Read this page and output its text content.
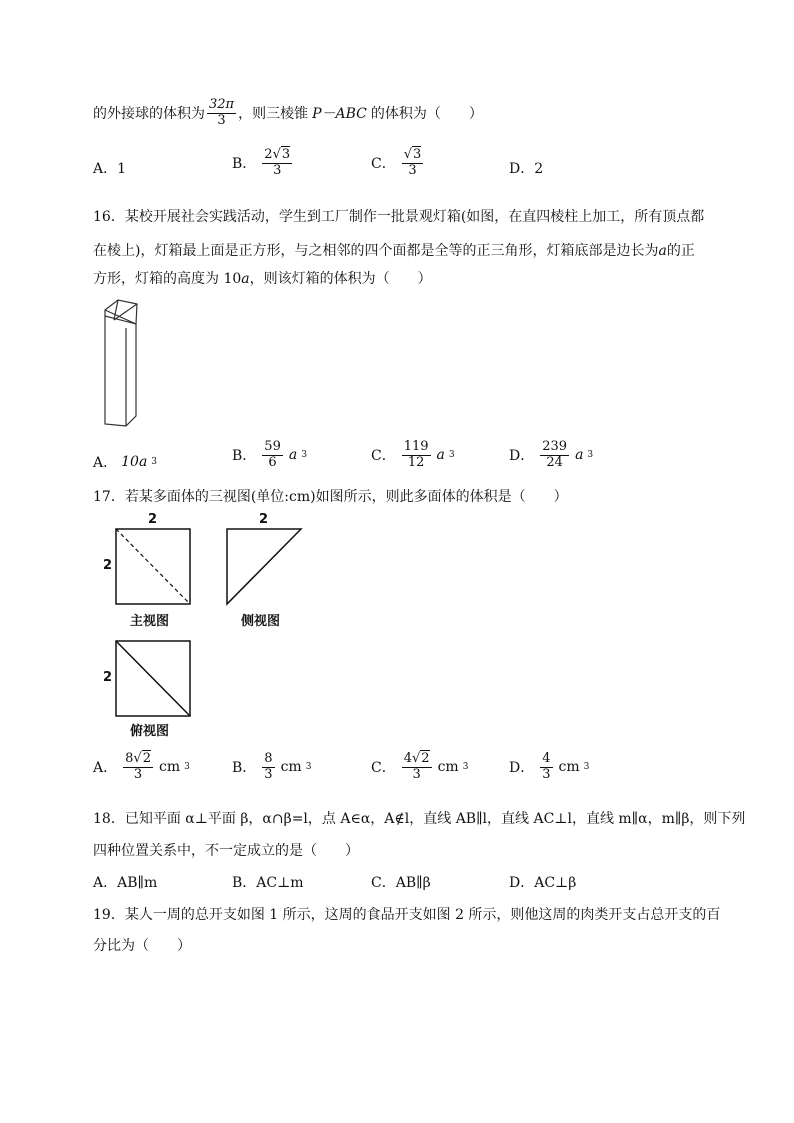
的外接球的体积为 $\frac{32\pi}{3}$ ，则三棱锥 P－ABC 的体积为（　　）
A．1	B． $\frac{2√3}{3}$	C． $\frac{√3}{3}$	D．2
16．某校开展社会实践活动，学生到工厂制作一批景观灯箱(如图，在直四棱柱上加工，所有顶点都
在棱上)，灯箱最上面是正方形，与之相邻的四个面都是全等的正三角形，灯箱底部是边长为a的正
方形，灯箱的高度为 10a，则该灯箱的体积为（　　）
A． 10a 3	B． $\frac{59}{6}$ a 3	C． $\frac{119}{12}$ a 3	D． $\frac{239}{24}$ a 3
17．若某多面体的三视图(单位:cm)如图所示，则此多面体的体积是（　　）
2
2
主视图
2
侧视图
2
俯视图
A． $\frac{8√2}{3}$ cm 3	B． $\frac{8}{3}$ cm 3	C． $\frac{4√2}{3}$ cm 3	D． $\frac{4}{3}$ cm 3
18．已知平面 α⊥平面 β，α∩β=l，点 A∈α，A∉l，直线 AB∥l，直线 AC⊥l，直线 m∥α，m∥β，则下列
四种位置关系中，不一定成立的是（　　）
A．AB∥m	B．AC⊥m	C．AB∥β	D．AC⊥β
19．某人一周的总开支如图 1 所示，这周的食品开支如图 2 所示，则他这周的肉类开支占总开支的百
分比为（　　）
